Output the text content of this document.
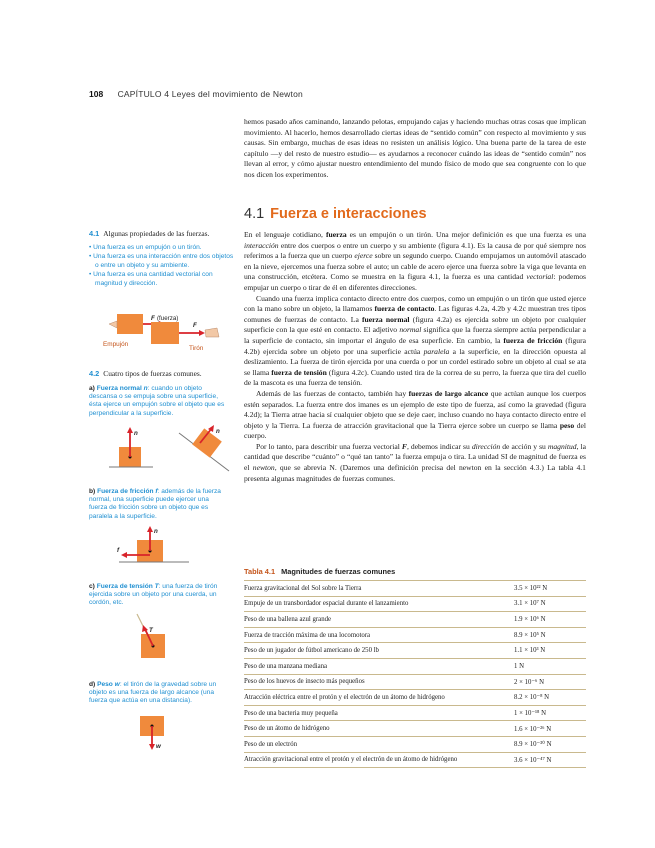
108 CAPÍTULO 4 Leyes del movimiento de Newton
hemos pasado años caminando, lanzando pelotas, empujando cajas y haciendo muchas otras cosas que implican movimiento. Al hacerlo, hemos desarrollado ciertas ideas de “sentido común” con respecto al movimiento y sus causas. Sin embargo, muchas de esas ideas no resisten un análisis lógico. Una buena parte de la tarea de este capítulo —y del resto de nuestro estudio— es ayudarnos a reconocer cuándo las ideas de “sentido común” nos llevan al error, y cómo ajustar nuestro entendimiento del mundo físico de modo que sea congruente con lo que nos dicen los experimentos.
4.1 Fuerza e interacciones

En el lenguaje cotidiano, fuerza es un empujón o un tirón. Una mejor definición es que una fuerza es una interacción entre dos cuerpos o entre un cuerpo y su ambiente (figura 4.1). Es la causa de por qué siempre nos referimos a la fuerza que un cuerpo ejerce sobre un segundo cuerpo. Cuando empujamos un automóvil atascado en la nieve, ejercemos una fuerza sobre el auto; un cable de acero ejerce una fuerza sobre la viga que levanta en una construcción, etcétera. Como se muestra en la figura 4.1, la fuerza es una cantidad vectorial: podemos empujar un cuerpo o tirar de él en diferentes direcciones.

Cuando una fuerza implica contacto directo entre dos cuerpos, como un empujón o un tirón que usted ejerce con la mano sobre un objeto, la llamamos fuerza de contacto. Las figuras 4.2a, 4.2b y 4.2c muestran tres tipos comunes de fuerzas de contacto. La fuerza normal (figura 4.2a) es ejercida sobre un objeto por cualquier superficie con la que esté en contacto. El adjetivo normal significa que la fuerza siempre actúa perpendicular a la superficie de contacto, sin importar el ángulo de esa superficie. En cambio, la fuerza de fricción (figura 4.2b) ejercida sobre un objeto por una superficie actúa paralela a la superficie, en la dirección opuesta al deslizamiento. La fuerza de tirón ejercida por una cuerda o por un cordel estirado sobre un objeto al cual se ata se llama fuerza de tensión (figura 4.2c). Cuando usted tira de la correa de su perro, la fuerza que tira del cuello de la mascota es una fuerza de tensión.

Además de las fuerzas de contacto, también hay fuerzas de largo alcance que actúan aunque los cuerpos estén separados. La fuerza entre dos imanes es un ejemplo de este tipo de fuerza, así como la gravedad (figura 4.2d); la Tierra atrae hacia sí cualquier objeto que se deje caer, incluso cuando no haya contacto directo entre el objeto y la Tierra. La fuerza de atracción gravitacional que la Tierra ejerce sobre un cuerpo se llama peso del cuerpo.

Por lo tanto, para describir una fuerza vectorial F, debemos indicar su dirección de acción y su magnitud, la cantidad que describe “cuánto” o “qué tan tanto” la fuerza empuja o tira. La unidad SI de magnitud de fuerza es el newton, que se abrevia N. (Daremos una definición precisa del newton en la sección 4.3.) La tabla 4.1 presenta algunas magnitudes de fuerzas comunes.

4.1 Algunas propiedades de las fuerzas.
• Una fuerza es un empujón o un tirón.
• Una fuerza es una interacción entre dos objetos o entre un objeto y su ambiente.
• Una fuerza es una cantidad vectorial con magnitud y dirección.
F (fuerza)
Empujón
F
Tirón
4.2 Cuatro tipos de fuerzas comunes.
a) Fuerza normal n: cuando un objeto descansa o se empuja sobre una superficie, ésta ejerce un empujón sobre el objeto que es perpendicular a la superficie.
n	n
b) Fuerza de fricción f: además de la fuerza normal, una superficie puede ejercer una fuerza de fricción sobre un objeto que es paralela a la superficie.
n
f
c) Fuerza de tensión T: una fuerza de tirón ejercida sobre un objeto por una cuerda, un cordón, etc.
T
d) Peso w: el tirón de la gravedad sobre un objeto es una fuerza de largo alcance (una fuerza que actúa en una distancia).
w
Tabla 4.1 Magnitudes de fuerzas comunes
Fuerza gravitacional del Sol sobre la Tierra	3.5 × 10²² N
Empuje de un transbordador espacial durante el lanzamiento	3.1 × 10⁷ N
Peso de una ballena azul grande	1.9 × 10⁶ N
Fuerza de tracción máxima de una locomotora	8.9 × 10⁵ N
Peso de un jugador de fútbol americano de 250 lb	1.1 × 10³ N
Peso de una manzana mediana	1 N
Peso de los huevos de insecto más pequeños	2 × 10⁻⁶ N
Atracción eléctrica entre el protón y el electrón de un átomo de hidrógeno	8.2 × 10⁻⁸ N
Peso de una bacteria muy pequeña	1 × 10⁻¹⁸ N
Peso de un átomo de hidrógeno	1.6 × 10⁻²⁶ N
Peso de un electrón	8.9 × 10⁻³⁰ N
Atracción gravitacional entre el protón y el electrón de un átomo de hidrógeno	3.6 × 10⁻⁴⁷ N
